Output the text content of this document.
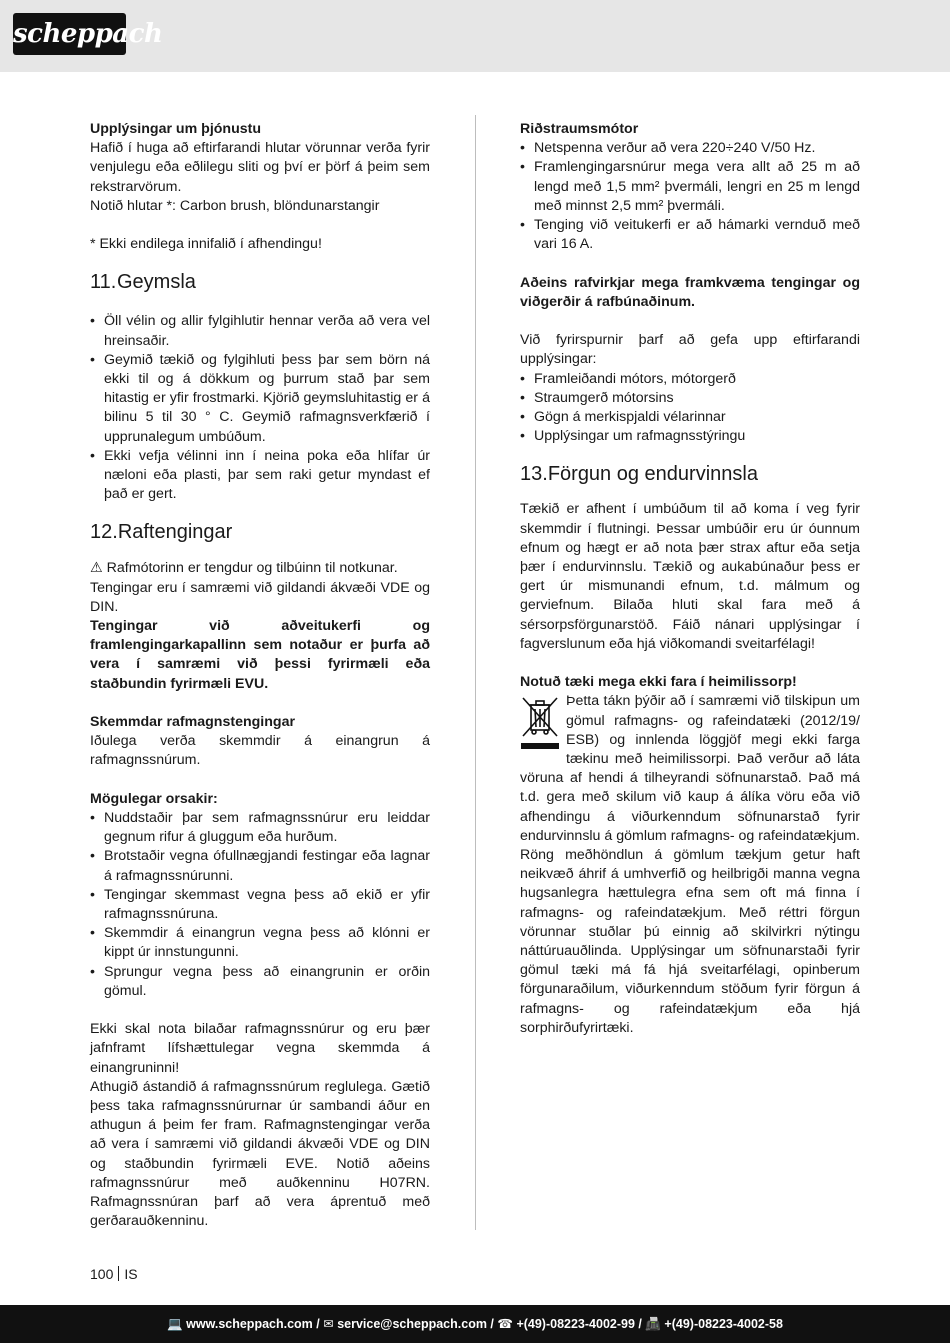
scheppach

Upplýsingar um þjónustu

Hafið í huga að eftirfarandi hlutar vörunnar verða fyrir venjulegu eða eðlilegu sliti og því er þörf á þeim sem rekstrarvörum.

Notið hlutar *: Carbon brush, blöndunarstangir

* Ekki endilega innifalið í afhendingu!

11.Geymsla
• Öll vélin og allir fylgihlutir hennar verða að vera vel hreinsaðir.
• Geymið tækið og fylgihluti þess þar sem börn ná ekki til og á dökkum og þurrum stað þar sem hitastig er yfir frostmarki. Kjörið geymsluhitastig er á bilinu 5 til 30 ° C. Geymið rafmagnsverkfærið í upprunalegum umbúðum.
• Ekki vefja vélinni inn í neina poka eða hlífar úr næloni eða plasti, þar sem raki getur myndast ef það er gert.
12.Raftengingar

⚠ Rafmótorinn er tengdur og tilbúinn til notkunar.

Tengingar eru í samræmi við gildandi ákvæði VDE og DIN.

Tengingar við aðveitukerfi og framlengingarkapallinn sem notaður er þurfa að vera í samræmi við þessi fyrirmæli eða staðbundin fyrirmæli EVU.

Skemmdar rafmagnstengingar

Iðulega verða skemmdir á einangrun á rafmagnssnúrum.

Mögulegar orsakir:

• Nuddstaðir þar sem rafmagnssnúrur eru leiddar gegnum rifur á gluggum eða hurðum.
• Brotstaðir vegna ófullnægjandi festingar eða lagnar á rafmagnssnúrunni.
• Tengingar skemmast vegna þess að ekið er yfir rafmagnssnúruna.
• Skemmdir á einangrun vegna þess að klónni er kippt úr innstungunni.
• Sprungur vegna þess að einangrunin er orðin gömul.

Ekki skal nota bilaðar rafmagnssnúrur og eru þær jafnframt lífshættulegar vegna skemmda á einangruninni!

Athugið ástandið á rafmagnssnúrum reglulega. Gætið þess taka rafmagnssnúrurnar úr sambandi áður en athugun á þeim fer fram. Rafmagnstengingar verða að vera í samræmi við gildandi ákvæði VDE og DIN og staðbundin fyrirmæli EVE. Notið aðeins rafmagnssnúrur með auðkenninu H07RN. Rafmagnssnúran þarf að vera áprentuð með gerðarauðkenninu.

Riðstraumsmótor

• Netspenna verður að vera 220÷240 V/50 Hz.
• Framlengingarsnúrur mega vera allt að 25 m að lengd með 1,5 mm² þvermáli, lengri en 25 m lengd með minnst 2,5 mm² þvermáli.
• Tenging við veitukerfi er að hámarki vernduð með vari 16 A.

Aðeins rafvirkjar mega framkvæma tengingar og viðgerðir á rafbúnaðinum.

Við fyrirspurnir þarf að gefa upp eftirfarandi upplýsingar:

• Framleiðandi mótors, mótorgerð
• Straumgerð mótorsins
• Gögn á merkispjaldi vélarinnar
• Upplýsingar um rafmagnsstýringu
13.Förgun og endurvinnsla

Tækið er afhent í umbúðum til að koma í veg fyrir skemmdir í flutningi. Þessar umbúðir eru úr óunnum efnum og hægt er að nota þær strax aftur eða setja þær í endurvinnslu. Tækið og aukabúnaður þess er gert úr mismunandi efnum, t.d. málmum og gerviefnum. Bilaða hluti skal fara með á sérsorpsförgunarstöð. Fáið nánari upplýsingar í fagverslunum eða hjá viðkomandi sveitarfélagi!

Notuð tæki mega ekki fara í heimilissorp!

Þetta tákn þýðir að í samræmi við tilskipun um gömul rafmagns- og rafeindatæki (2012/19/ ESB) og innlenda löggjöf megi ekki farga tækinu með heimilissorpi. Það verður að láta vöruna af hendi á tilheyrandi söfnunarstað. Það má t.d. gera með skilum við kaup á álíka vöru eða við afhendingu á viðurkenndum söfnunarstað fyrir endurvinnslu á gömlum rafmagns- og rafeindatækjum. Röng meðhöndlun á gömlum tækjum getur haft neikvæð áhrif á umhverfið og heilbrigði manna vegna hugsanlegra hættulegra efna sem oft má finna í rafmagns- og rafeindatækjum. Með réttri förgun vörunnar stuðlar þú einnig að skilvirkri nýtingu náttúruauðlinda. Upplýsingar um söfnunarstaði fyrir gömul tæki má fá hjá sveitarfélagi, opinberum förgunaraðilum, viðurkenndum stöðum fyrir förgun á rafmagns- og rafeindatækjum eða hjá sorphirðufyrirtæki.

100 IS
💻 www.scheppach.com / ✉ service@scheppach.com / ☎ +(49)-08223-4002-99 / 📠 +(49)-08223-4002-58
